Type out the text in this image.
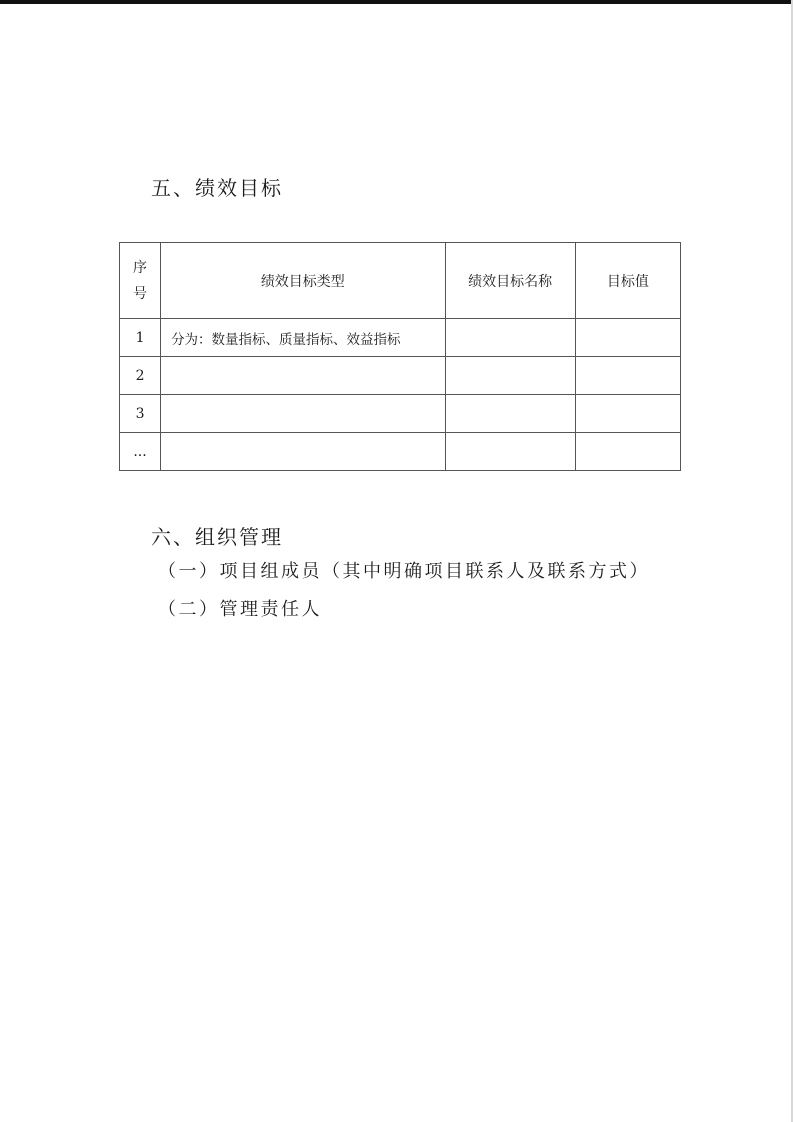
五、绩效目标
序号	绩效目标类型	绩效目标名称	目标值
1	分为：数量指标、质量指标、效益指标		
2			
3			
...			
六、组织管理
（一）项目组成员（其中明确项目联系人及联系方式）
（二）管理责任人
